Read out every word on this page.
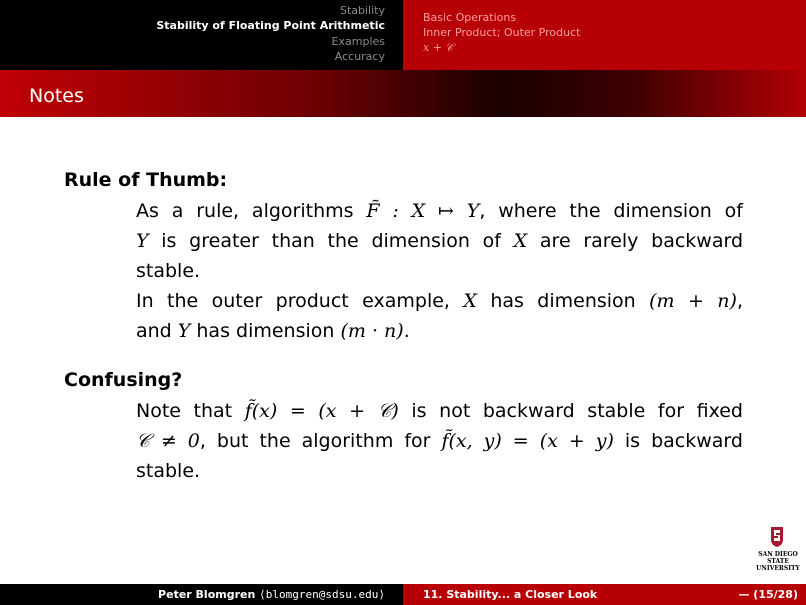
Stability
Stability of Floating Point Arithmetic
Examples
Accuracy
Basic Operations
Inner Product; Outer Product
x + 𝒞
Notes
Rule of Thumb:
As a rule, algorithms F̃ : X ↦ Y, where the dimension of
Y is greater than the dimension of X are rarely backward
stable.
In the outer product example, X has dimension (m + n),
and Y has dimension (m · n).
Confusing?
Note that f̃(x) = (x + 𝒞) is not backward stable for fixed
𝒞 ≠ 0, but the algorithm for f̃(x, y) = (x + y) is backward
stable.
SAN DIEGO STATE
UNIVERSITY
Peter Blomgren ⟨blomgren@sdsu.edu⟩	11. Stability... a Closer Look	— (15/28)
